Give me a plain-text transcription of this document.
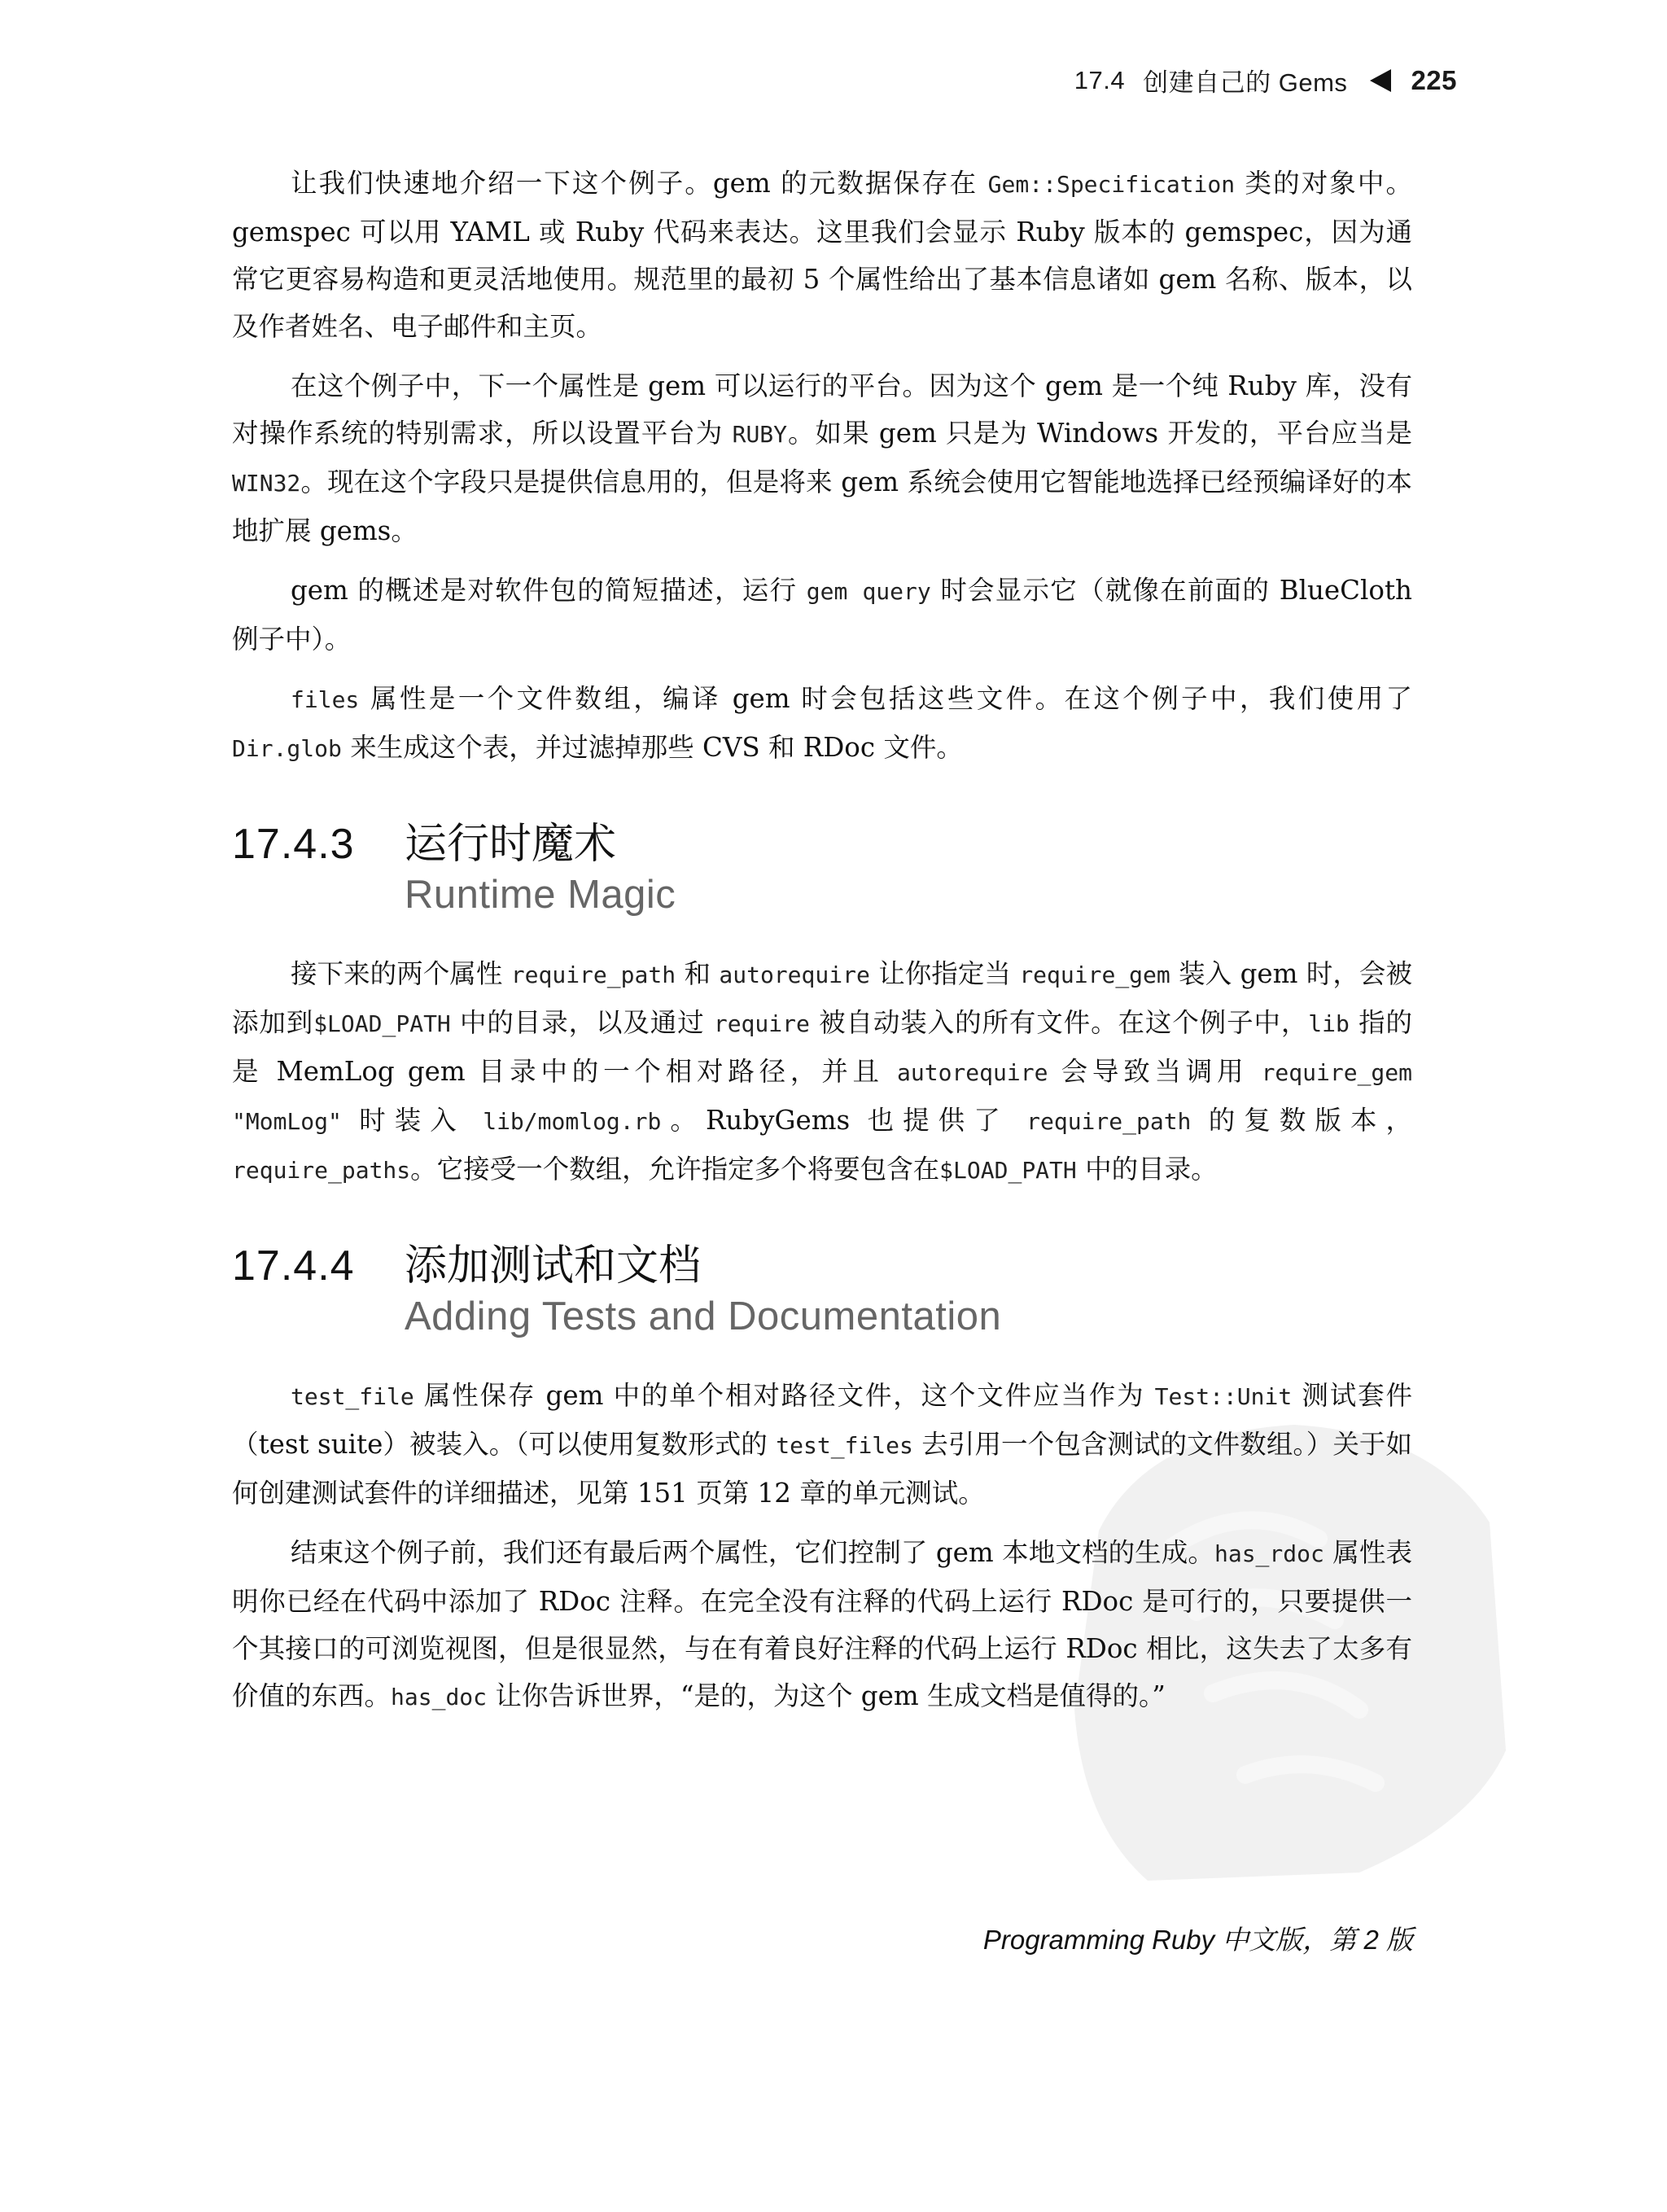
17.4 创建自己的 Gems 225

让我们快速地介绍一下这个例子。gem 的元数据保存在 Gem::Specification 类的对象中。gemspec 可以用 YAML 或 Ruby 代码来表达。这里我们会显示 Ruby 版本的 gemspec，因为通常它更容易构造和更灵活地使用。规范里的最初 5 个属性给出了基本信息诸如 gem 名称、版本，以及作者姓名、电子邮件和主页。

在这个例子中，下一个属性是 gem 可以运行的平台。因为这个 gem 是一个纯 Ruby 库，没有对操作系统的特别需求，所以设置平台为 RUBY。如果 gem 只是为 Windows 开发的，平台应当是 WIN32。现在这个字段只是提供信息用的，但是将来 gem 系统会使用它智能地选择已经预编译好的本地扩展 gems。

gem 的概述是对软件包的简短描述，运行 gem query 时会显示它（就像在前面的 BlueCloth 例子中）。

files 属性是一个文件数组，编译 gem 时会包括这些文件。在这个例子中，我们使用了 Dir.glob 来生成这个表，并过滤掉那些 CVS 和 RDoc 文件。

17.4.3	运行时魔术
Runtime Magic

接下来的两个属性 require_path 和 autorequire 让你指定当 require_gem 装入 gem 时，会被添加到$LOAD_PATH 中的目录，以及通过 require 被自动装入的所有文件。在这个例子中，lib 指的是 MemLog gem 目录中的一个相对路径，并且 autorequire 会导致当调用 require_gem "MomLog" 时装入 lib/momlog.rb。RubyGems 也提供了 require_path 的复数版本，require_paths。它接受一个数组，允许指定多个将要包含在$LOAD_PATH 中的目录。

17.4.4	添加测试和文档
Adding Tests and Documentation

test_file 属性保存 gem 中的单个相对路径文件，这个文件应当作为 Test::Unit 测试套件（test suite）被装入。（可以使用复数形式的 test_files 去引用一个包含测试的文件数组。）关于如何创建测试套件的详细描述，见第 151 页第 12 章的单元测试。

结束这个例子前，我们还有最后两个属性，它们控制了 gem 本地文档的生成。has_rdoc 属性表明你已经在代码中添加了 RDoc 注释。在完全没有注释的代码上运行 RDoc 是可行的，只要提供一个其接口的可浏览视图，但是很显然，与在有着良好注释的代码上运行 RDoc 相比，这失去了太多有价值的东西。has_doc 让你告诉世界，“是的，为这个 gem 生成文档是值得的。”

Programming Ruby 中文版，第 2 版
